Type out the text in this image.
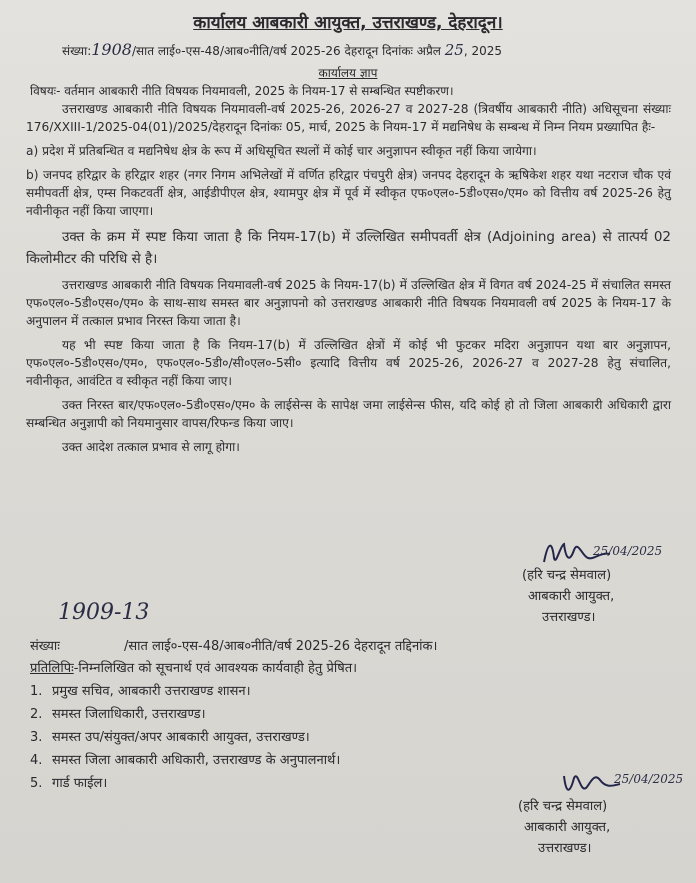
कार्यालय आबकारी आयुक्त, उत्तराखण्ड, देहरादून।
संख्या:1908/सात लाई०-एस-48/आब०नीति/वर्ष 2025-26 देहरादून दिनांकः अप्रैल 25, 2025
कार्यालय ज्ञाप
विषयः- वर्तमान आबकारी नीति विषयक नियमावली, 2025 के नियम-17 से सम्बन्धित स्पष्टीकरण।

उत्तराखण्ड आबकारी नीति विषयक नियमावली-वर्ष 2025-26, 2026-27 व 2027-28 (त्रिवर्षीय आबकारी नीति) अधिसूचना संख्याः 176/XXIII-1/2025-04(01)/2025/देहरादून दिनांकः 05, मार्च, 2025 के नियम-17 में मद्यनिषेध के सम्बन्ध में निम्न नियम प्रख्यापित हैः-

a) प्रदेश में प्रतिबन्धित व मद्यनिषेध क्षेत्र के रूप में अधिसूचित स्थलों में कोई चार अनुज्ञापन स्वीकृत नहीं किया जायेगा।

b) जनपद हरिद्वार के हरिद्वार शहर (नगर निगम अभिलेखों में वर्णित हरिद्वार पंचपुरी क्षेत्र) जनपद देहरादून के ऋषिकेश शहर यथा नटराज चौक एवं समीपवर्ती क्षेत्र, एम्स निकटवर्ती क्षेत्र, आईडीपीएल क्षेत्र, श्यामपुर क्षेत्र में पूर्व में स्वीकृत एफ०एल०-5डी०एस०/एम० को वित्तीय वर्ष 2025-26 हेतु नवीनीकृत नहीं किया जाएगा।

उक्त के क्रम में स्पष्ट किया जाता है कि नियम-17(b) में उल्लिखित समीपवर्ती क्षेत्र (Adjoining area) से तात्पर्य 02 किलोमीटर की परिधि से है।

उत्तराखण्ड आबकारी नीति विषयक नियमावली-वर्ष 2025 के नियम-17(b) में उल्लिखित क्षेत्र में विगत वर्ष 2024-25 में संचालित समस्त एफ०एल०-5डी०एस०/एम० के साथ-साथ समस्त बार अनुज्ञापनो को उत्तराखण्ड आबकारी नीति विषयक नियमावली वर्ष 2025 के नियम-17 के अनुपालन में तत्काल प्रभाव निरस्त किया जाता है।

यह भी स्पष्ट किया जाता है कि नियम-17(b) में उल्लिखित क्षेत्रों में कोई भी फुटकर मदिरा अनुज्ञापन यथा बार अनुज्ञापन, एफ०एल०-5डी०एस०/एम०, एफ०एल०-5डी०/सी०एल०-5सी० इत्यादि वित्तीय वर्ष 2025-26, 2026-27 व 2027-28 हेतु संचालित, नवीनीकृत, आवंटित व स्वीकृत नहीं किया जाए।

उक्त निरस्त बार/एफ०एल०-5डी०एस०/एम० के लाईसेन्स के सापेक्ष जमा लाईसेन्स फीस, यदि कोई हो तो जिला आबकारी अधिकारी द्वारा सम्बन्धित अनुज्ञापी को नियमानुसार वापस/रिफन्ड किया जाए।

उक्त आदेश तत्काल प्रभाव से लागू होगा।

25/04/2025
(हरि चन्द्र सेमवाल)
आबकारी आयुक्त,
उत्तराखण्ड।
1909-13
संख्याः	/सात लाई०-एस-48/आब०नीति/वर्ष 2025-26 देहरादून तद्दिनांक।
प्रतिलिपिः-निम्नलिखित को सूचनार्थ एवं आवश्यक कार्यवाही हेतु प्रेषित।
1. प्रमुख सचिव, आबकारी उत्तराखण्ड शासन।
2. समस्त जिलाधिकारी, उत्तराखण्ड।
3. समस्त उप/संयुक्त/अपर आबकारी आयुक्त, उत्तराखण्ड।
4. समस्त जिला आबकारी अधिकारी, उत्तराखण्ड के अनुपालनार्थ।
5. गार्ड फाईल।	25/04/2025
(हरि चन्द्र सेमवाल)
आबकारी आयुक्त,
उत्तराखण्ड।
